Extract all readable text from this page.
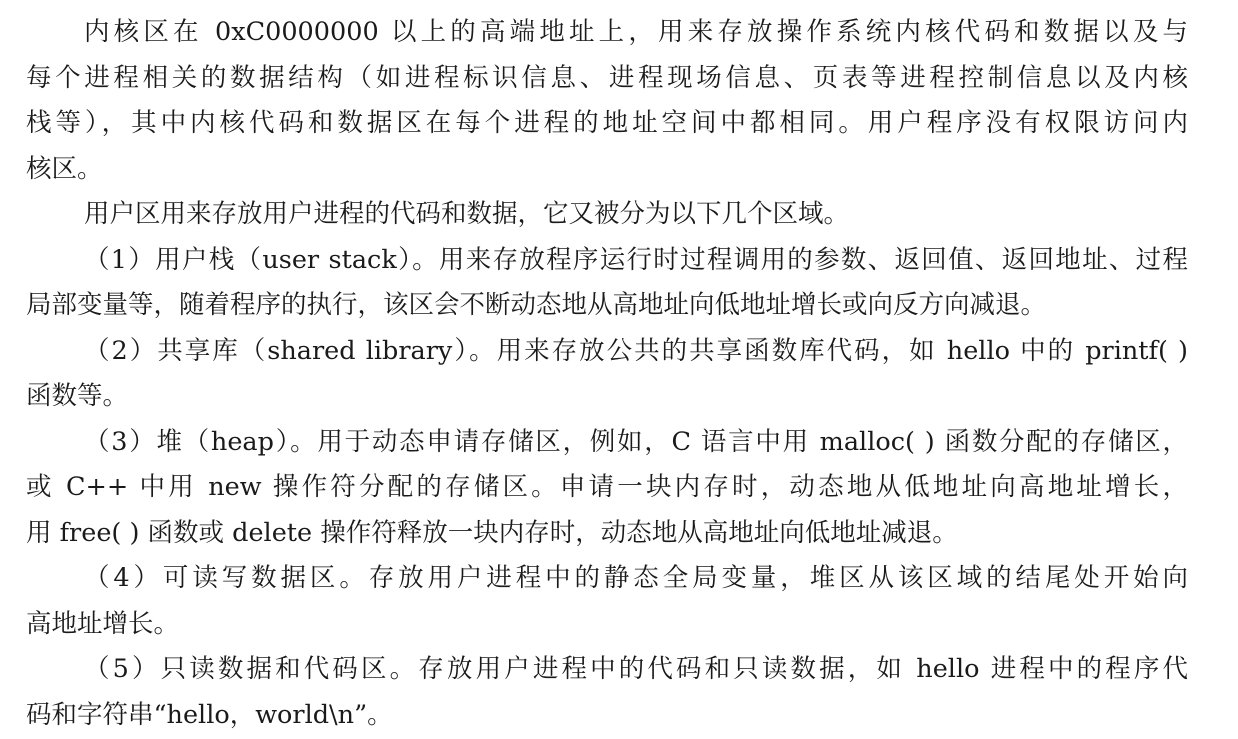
内核区在 0xC0000000 以上的高端地址上，用来存放操作系统内核代码和数据以及与
每个进程相关的数据结构（如进程标识信息、进程现场信息、页表等进程控制信息以及内核
栈等），其中内核代码和数据区在每个进程的地址空间中都相同。用户程序没有权限访问内
核区。
用户区用来存放用户进程的代码和数据，它又被分为以下几个区域。
（1）用户栈（user stack）。用来存放程序运行时过程调用的参数、返回值、返回地址、过程
局部变量等，随着程序的执行，该区会不断动态地从高地址向低地址增长或向反方向减退。
（2）共享库（shared library）。用来存放公共的共享函数库代码，如 hello 中的 printf( )
函数等。
（3）堆（heap）。用于动态申请存储区，例如，C 语言中用 malloc( ) 函数分配的存储区，
或 C++ 中用 new 操作符分配的存储区。申请一块内存时，动态地从低地址向高地址增长，
用 free( ) 函数或 delete 操作符释放一块内存时，动态地从高地址向低地址减退。
（4）可读写数据区。存放用户进程中的静态全局变量，堆区从该区域的结尾处开始向
高地址增长。
（5）只读数据和代码区。存放用户进程中的代码和只读数据，如 hello 进程中的程序代
码和字符串“hello，world\n”。
